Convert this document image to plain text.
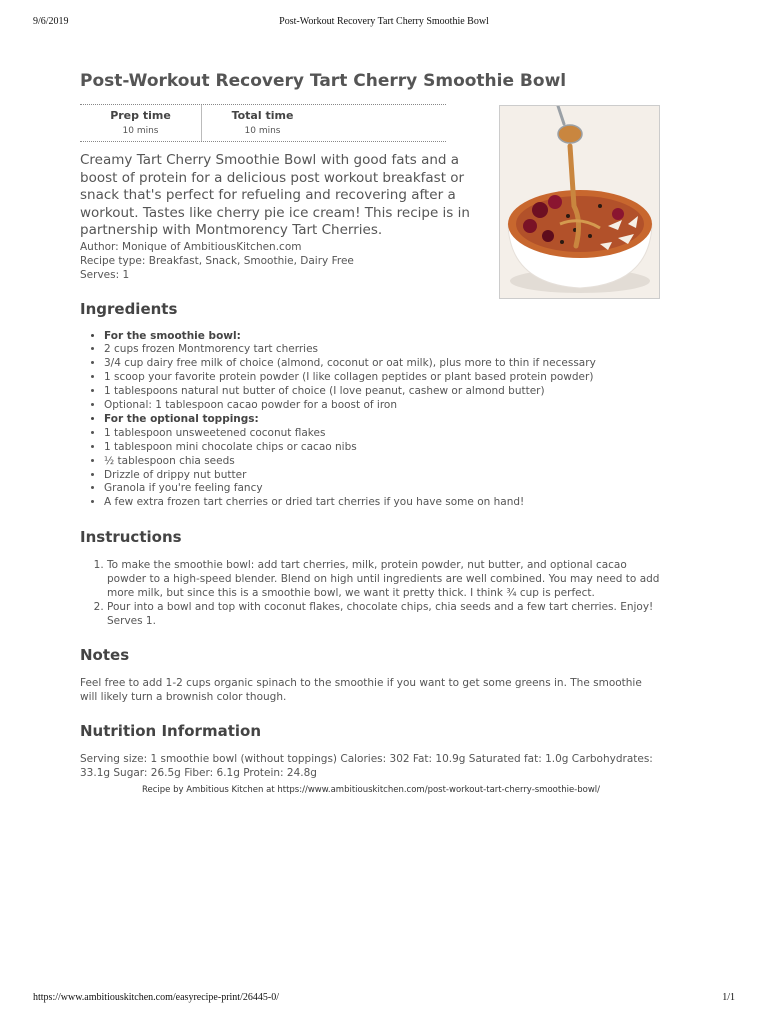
9/6/2019	Post-Workout Recovery Tart Cherry Smoothie Bowl
Post-Workout Recovery Tart Cherry Smoothie Bowl
Prep time
10 mins
Total time
10 mins

Creamy Tart Cherry Smoothie Bowl with good fats and a boost of protein for a delicious post workout breakfast or snack that's perfect for refueling and recovering after a workout. Tastes like cherry pie ice cream! This recipe is in partnership with Montmorency Tart Cherries.

Author: Monique of AmbitiousKitchen.com
Recipe type: Breakfast, Snack, Smoothie, Dairy Free
Serves: 1
Ingredients
• For the smoothie bowl:
• 2 cups frozen Montmorency tart cherries
• 3/4 cup dairy free milk of choice (almond, coconut or oat milk), plus more to thin if necessary
• 1 scoop your favorite protein powder (I like collagen peptides or plant based protein powder)
• 1 tablespoons natural nut butter of choice (I love peanut, cashew or almond butter)
• Optional: 1 tablespoon cacao powder for a boost of iron
• For the optional toppings:
• 1 tablespoon unsweetened coconut flakes
• 1 tablespoon mini chocolate chips or cacao nibs
• ½ tablespoon chia seeds
• Drizzle of drippy nut butter
• Granola if you're feeling fancy
• A few extra frozen tart cherries or dried tart cherries if you have some on hand!
Instructions
1. To make the smoothie bowl: add tart cherries, milk, protein powder, nut butter, and optional cacao powder to a high-speed blender. Blend on high until ingredients are well combined. You may need to add more milk, but since this is a smoothie bowl, we want it pretty thick. I think ¾ cup is perfect.
2. Pour into a bowl and top with coconut flakes, chocolate chips, chia seeds and a few tart cherries. Enjoy! Serves 1.
Notes

Feel free to add 1-2 cups organic spinach to the smoothie if you want to get some greens in. The smoothie will likely turn a brownish color though.

Nutrition Information

Serving size: 1 smoothie bowl (without toppings) Calories: 302 Fat: 10.9g Saturated fat: 1.0g Carbohydrates: 33.1g Sugar: 26.5g Fiber: 6.1g Protein: 24.8g

Recipe by Ambitious Kitchen at https://www.ambitiouskitchen.com/post-workout-tart-cherry-smoothie-bowl/
https://www.ambitiouskitchen.com/easyrecipe-print/26445-0/	1/1
